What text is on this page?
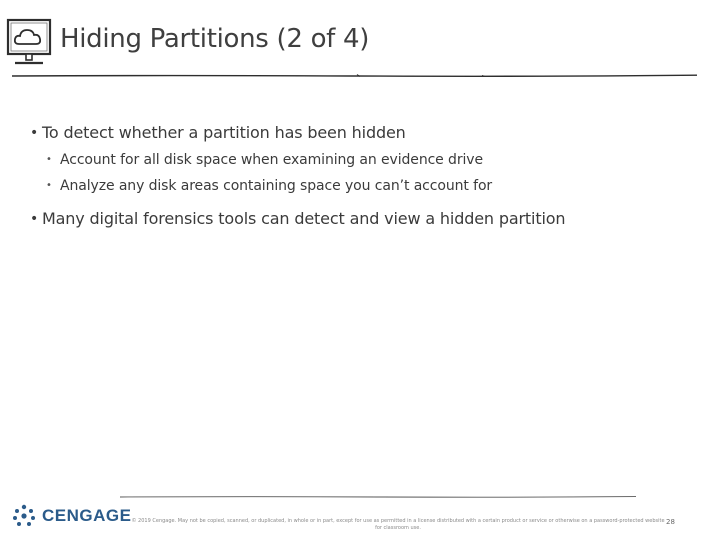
Hiding Partitions (2 of 4)
• To detect whether a partition has been hidden
• Account for all disk space when examining an evidence drive
• Analyze any disk areas containing space you can’t account for
• Many digital forensics tools can detect and view a hidden partition
CENGAGE © 2019 Cengage. May not be copied, scanned, or duplicated, in whole or in part, except for use as permitted in a license distributed with a certain product or service or otherwise on a password-protected website for classroom use.
28
